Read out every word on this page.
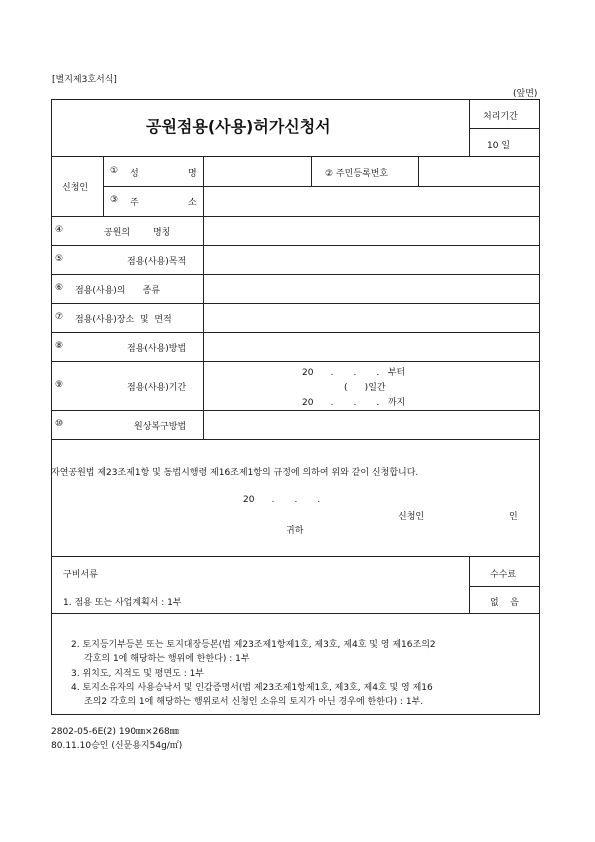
[별지제3호서식]
(앞면)
공원점용(사용)허가신청서	처리기간
10 일
신청인
① 성	명	② 주민등록번호
③ 주	소
④	공원의        명칭
⑤	점용(사용)목적
⑥ 점용(사용)의      종류
⑦ 점용(사용)장소  및  면적
⑧	점용(사용)방법
⑨	점용(사용)기간
20      .       .       .   부터
(      )일간
20      .       .       .   까지
⑩	원상복구방법
자연공원법 제23조제1항 및 동법시행령 제16조제1항의 규정에 의하여 위와 같이 신청합니다.
20      .       .       .
신청인	인
귀하
구비서류	수수료
없    음
1. 점용 또는 사업계획서 : 1부
2. 토지등기부등본 또는 토지대장등본(법 제23조제1항제1호, 제3호, 제4호 및 영 제16조의2
각호의 1에 해당하는 행위에 한한다) : 1부
3. 위치도, 지적도 및 평면도 : 1부
4. 토지소유자의 사용승낙서 및 인감증명서(법 제23조제1항제1호, 제3호, 제4호 및 영 제16
조의2 각호의 1에 해당하는 행위로서 신청인 소유의 토지가 아닌 경우에 한한다) : 1부.
2802-05-6E(2) 190㎜×268㎜
80.11.10승인 (신문용지54g/㎡)
